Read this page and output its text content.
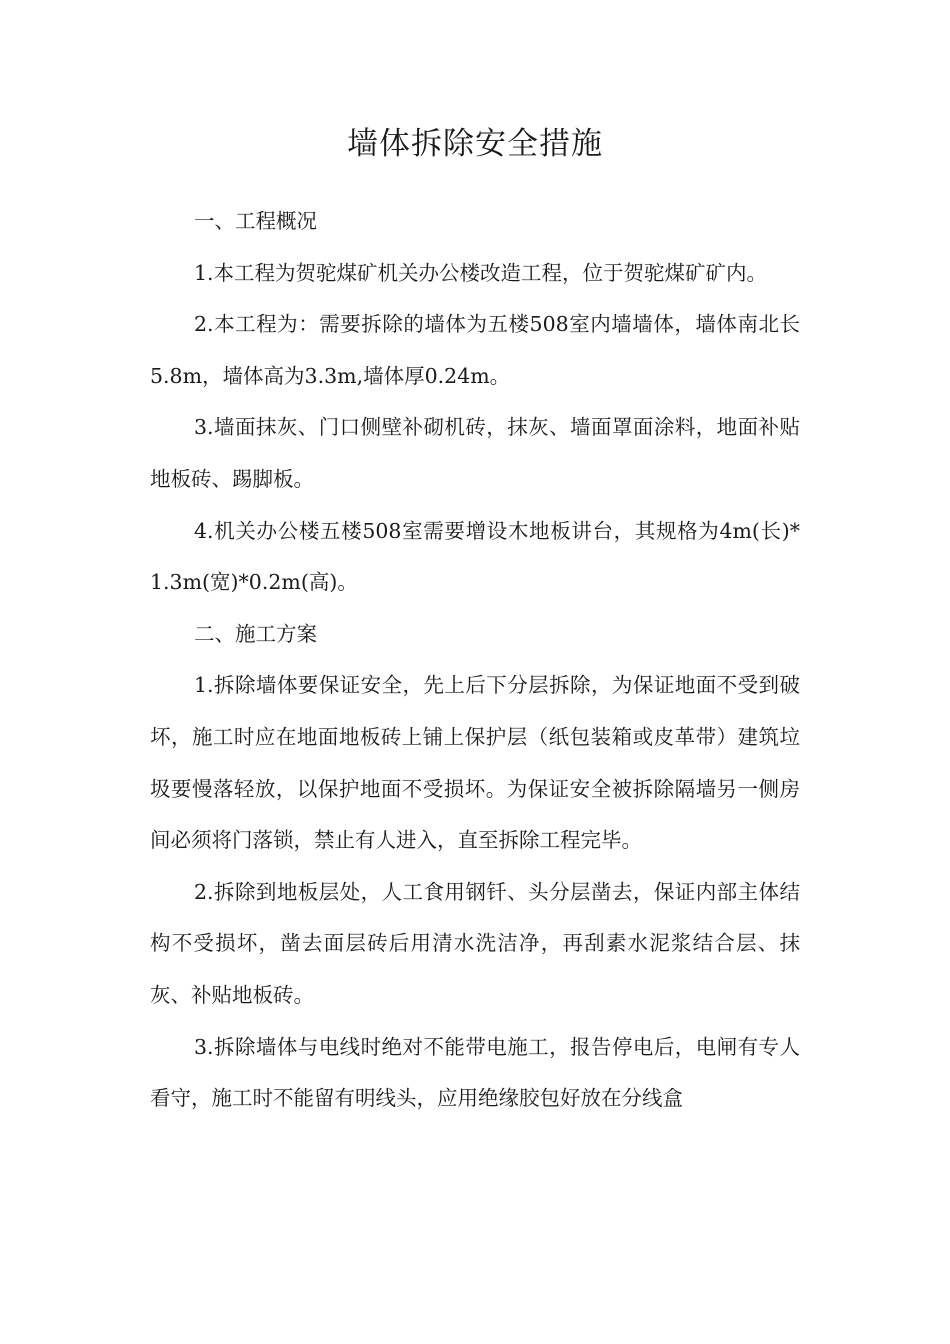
墙体拆除安全措施

一、工程概况

1.本工程为贺驼煤矿机关办公楼改造工程，位于贺驼煤矿矿内。

2.本工程为：需要拆除的墙体为五楼508室内墙墙体，墙体南北长5.8m，墙体高为3.3m,墙体厚0.24m。

3.墙面抹灰、门口侧壁补砌机砖，抹灰、墙面罩面涂料，地面补贴地板砖、踢脚板。

4.机关办公楼五楼508室需要增设木地板讲台，其规格为4m(长)*1.3m(宽)*0.2m(高)。

二、施工方案

1.拆除墙体要保证安全，先上后下分层拆除，为保证地面不受到破坏，施工时应在地面地板砖上铺上保护层（纸包装箱或皮革带）建筑垃圾要慢落轻放，以保护地面不受损坏。为保证安全被拆除隔墙另一侧房间必须将门落锁，禁止有人进入，直至拆除工程完毕。

2.拆除到地板层处，人工食用钢钎、头分层凿去，保证内部主体结构不受损坏，凿去面层砖后用清水洗洁净，再刮素水泥浆结合层、抹灰、补贴地板砖。

3.拆除墙体与电线时绝对不能带电施工，报告停电后，电闸有专人看守，施工时不能留有明线头，应用绝缘胶包好放在分线盒
